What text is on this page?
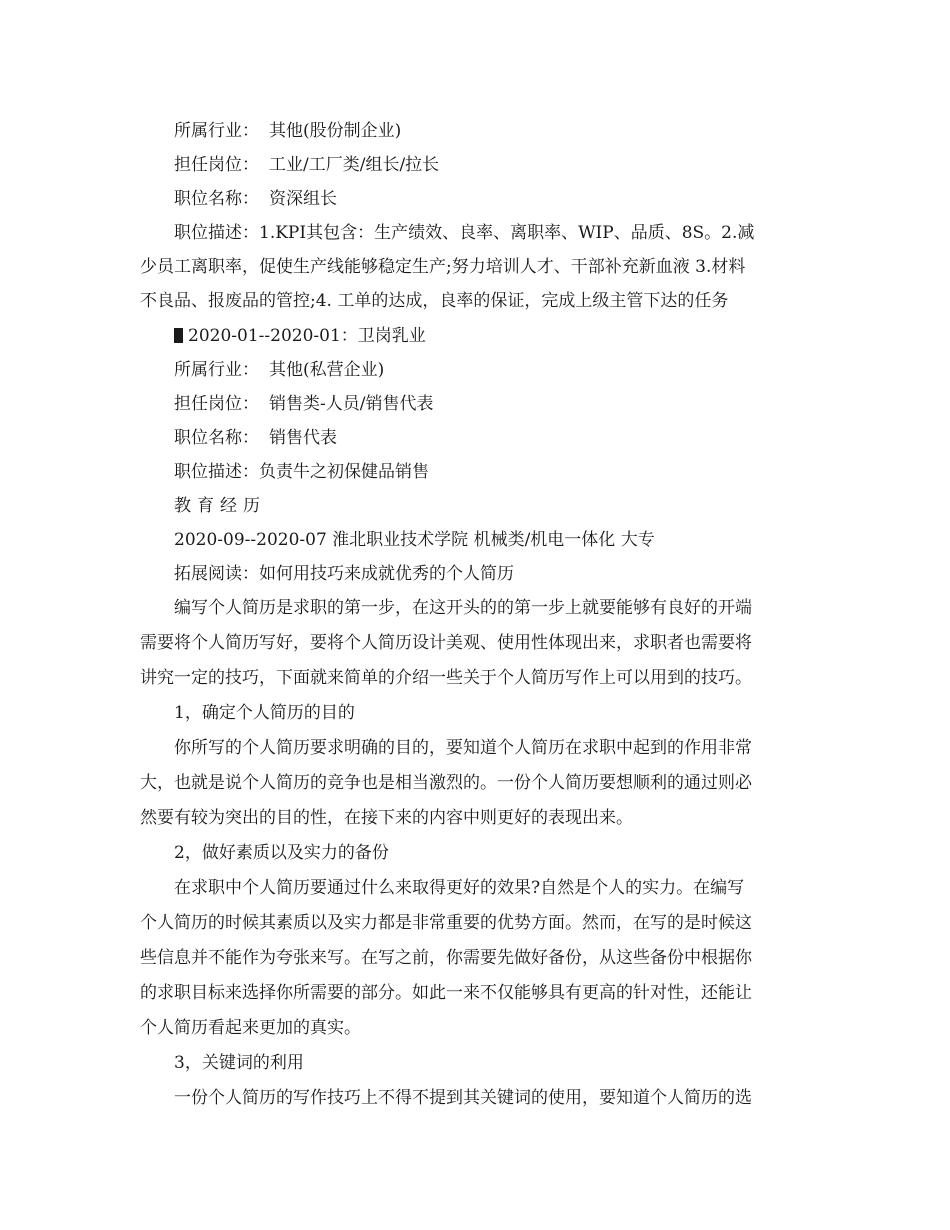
所属行业： 其他(股份制企业)
担任岗位： 工业/工厂类/组长/拉长
职位名称： 资深组长
职位描述：1.KPI其包含：生产绩效、良率、离职率、WIP、品质、8S。2.减
少员工离职率，促使生产线能够稳定生产;努力培训人才、干部补充新血液 3.材料
不良品、报废品的管控;4. 工单的达成，良率的保证，完成上级主管下达的任务
2020-01--2020-01：卫岗乳业
所属行业： 其他(私营企业)
担任岗位： 销售类-人员/销售代表
职位名称： 销售代表
职位描述：负责牛之初保健品销售
教育经历
2020-09--2020-07 淮北职业技术学院 机械类/机电一体化 大专
拓展阅读：如何用技巧来成就优秀的个人简历
编写个人简历是求职的第一步，在这开头的的第一步上就要能够有良好的开端
需要将个人简历写好，要将个人简历设计美观、使用性体现出来，求职者也需要将
讲究一定的技巧，下面就来简单的介绍一些关于个人简历写作上可以用到的技巧。
1，确定个人简历的目的
你所写的个人简历要求明确的目的，要知道个人简历在求职中起到的作用非常
大，也就是说个人简历的竞争也是相当激烈的。一份个人简历要想顺利的通过则必
然要有较为突出的目的性，在接下来的内容中则更好的表现出来。
2，做好素质以及实力的备份
在求职中个人简历要通过什么来取得更好的效果?自然是个人的实力。在编写
个人简历的时候其素质以及实力都是非常重要的优势方面。然而，在写的是时候这
些信息并不能作为夸张来写。在写之前，你需要先做好备份，从这些备份中根据你
的求职目标来选择你所需要的部分。如此一来不仅能够具有更高的针对性，还能让
个人简历看起来更加的真实。
3，关键词的利用
一份个人简历的写作技巧上不得不提到其关键词的使用，要知道个人简历的选
